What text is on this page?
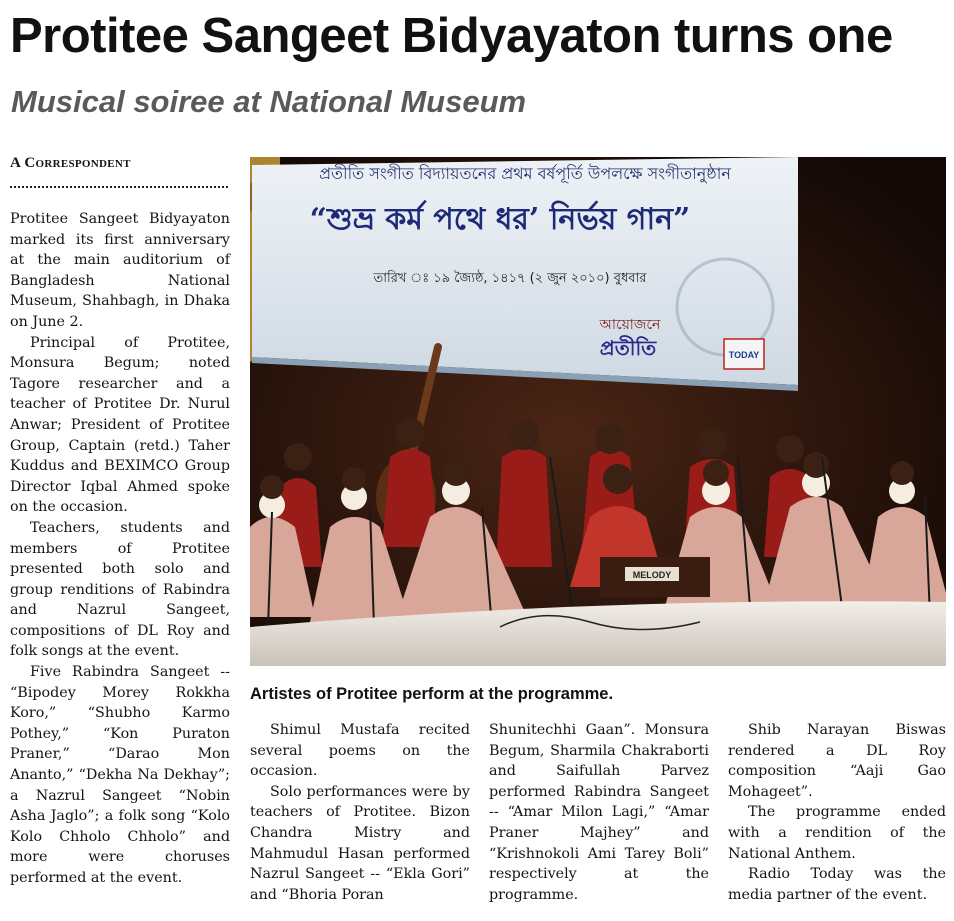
Protitee Sangeet Bidyayaton turns one
Musical soiree at National Museum
A Correspondent

Protitee Sangeet Bidyayaton marked its first anniversary at the main auditorium of Bangladesh National Museum, Shahbagh, in Dhaka on June 2.

Principal of Protitee, Monsura Begum; noted Tagore researcher and a teacher of Protitee Dr. Nurul Anwar; President of Protitee Group, Captain (retd.) Taher Kuddus and BEXIMCO Group Director Iqbal Ahmed spoke on the occasion.

Teachers, students and members of Protitee presented both solo and group renditions of Rabindra and Nazrul Sangeet, compositions of DL Roy and folk songs at the event.

Five Rabindra Sangeet -- “Bipodey Morey Rokkha Koro,” “Shubho Karmo Pothey,” “Kon Puraton Praner,” “Darao Mon Ananto,” “Dekha Na Dekhay”; a Nazrul Sangeet “Nobin Asha Jaglo”; a folk song “Kolo Kolo Chholo Chholo” and more were choruses performed at the event.

প্রতীতি সংগীত বিদ্যায়তনের প্রথম বর্ষপূর্তি উপলক্ষে সংগীতানুষ্ঠান
“শুভ্র কর্ম পথে ধর’ নির্ভয় গান”
তারিখ ঃ ১৯ জ্যৈষ্ঠ, ১৪১৭ (২ জুন ২০১০) বুধবার
আয়োজনে
প্রতীতি	TODAY
MELODY
Artistes of Protitee perform at the programme.

Shimul Mustafa recited several poems on the occasion.

Solo performances were by teachers of Protitee. Bizon Chandra Mistry and Mahmudul Hasan performed Nazrul Sangeet -- “Ekla Gori” and “Bhoria Poran

Shunitechhi Gaan”. Monsura Begum, Sharmila Chakraborti and Saifullah Parvez performed Rabindra Sangeet -- “Amar Milon Lagi,” “Amar Praner Majhey” and “Krishnokoli Ami Tarey Boli” respectively at the programme.

Shib Narayan Biswas rendered a DL Roy composition “Aaji Gao Mohageet”.

The programme ended with a rendition of the National Anthem.

Radio Today was the media partner of the event.
